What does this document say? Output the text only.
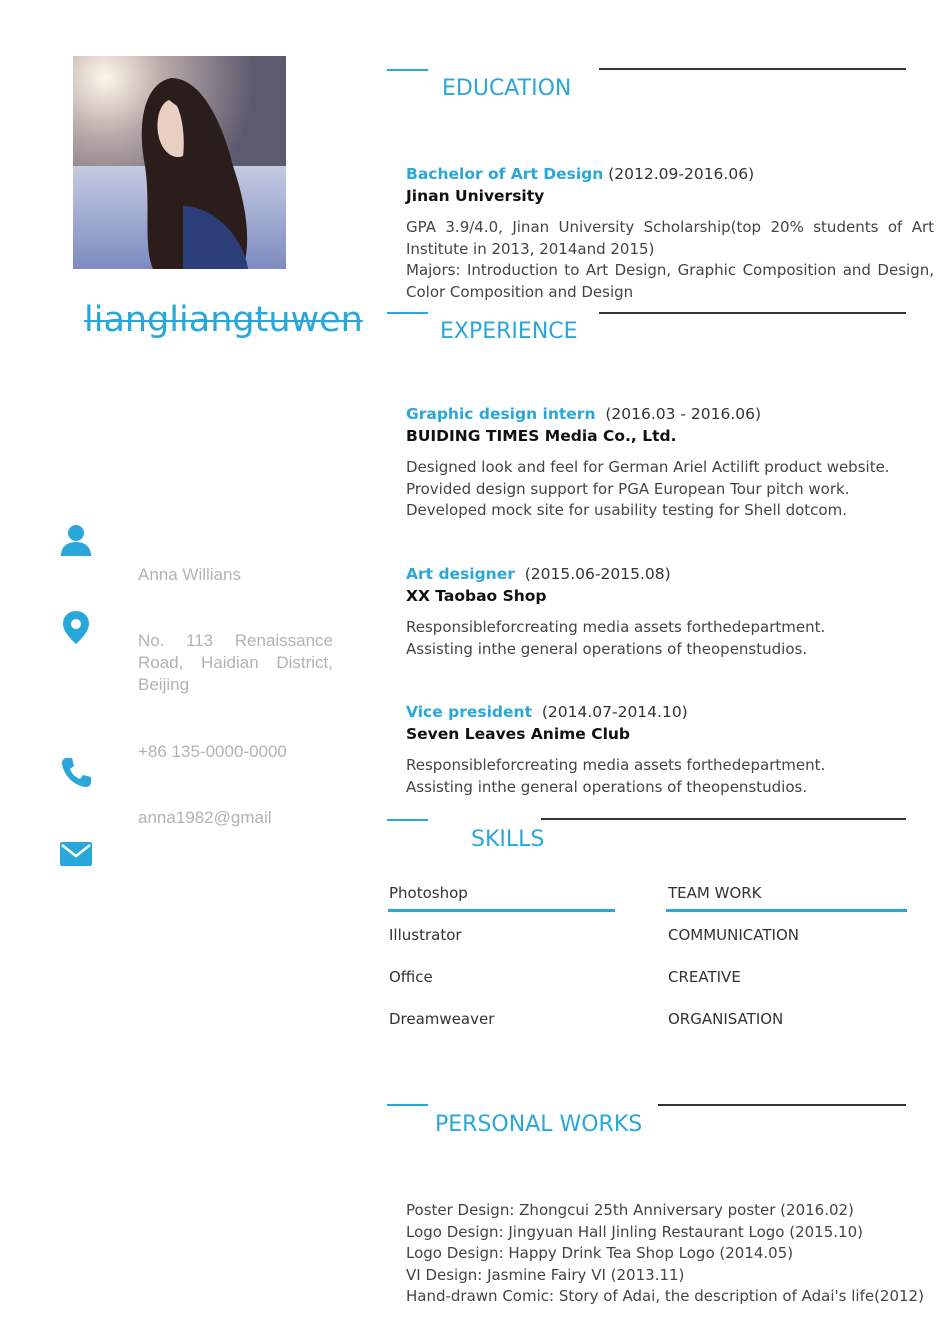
liangliangtuwen
Anna Willians
No. 113 Renaissance Road, Haidian District, Beijing
+86 135-0000-0000
anna1982@gmail
EDUCATION
Bachelor of Art Design (2012.09-2016.06)
Jinan University
GPA 3.9/4.0, Jinan University Scholarship(top 20% students of Art Institute in 2013, 2014and 2015)
Majors: Introduction to Art Design, Graphic Composition and Design, Color Composition and Design
EXPERIENCE
Graphic design intern (2016.03 - 2016.06)
BUIDING TIMES Media Co., Ltd.
Designed look and feel for German Ariel Actilift product website.
Provided design support for PGA European Tour pitch work.
Developed mock site for usability testing for Shell dotcom.
Art designer (2015.06-2015.08)
XX Taobao Shop
Responsibleforcreating media assets forthedepartment.
Assisting inthe general operations of theopenstudios.
Vice president (2014.07-2014.10)
Seven Leaves Anime Club
Responsibleforcreating media assets forthedepartment.
Assisting inthe general operations of theopenstudios.
SKILLS
Photoshop
Illustrator
Office
Dreamweaver
TEAM WORK
COMMUNICATION
CREATIVE
ORGANISATION
PERSONAL WORKS
Poster Design: Zhongcui 25th Anniversary poster (2016.02)
Logo Design: Jingyuan Hall Jinling Restaurant Logo (2015.10)
Logo Design: Happy Drink Tea Shop Logo (2014.05)
VI Design: Jasmine Fairy VI (2013.11)
Hand-drawn Comic: Story of Adai, the description of Adai's life(2012)
